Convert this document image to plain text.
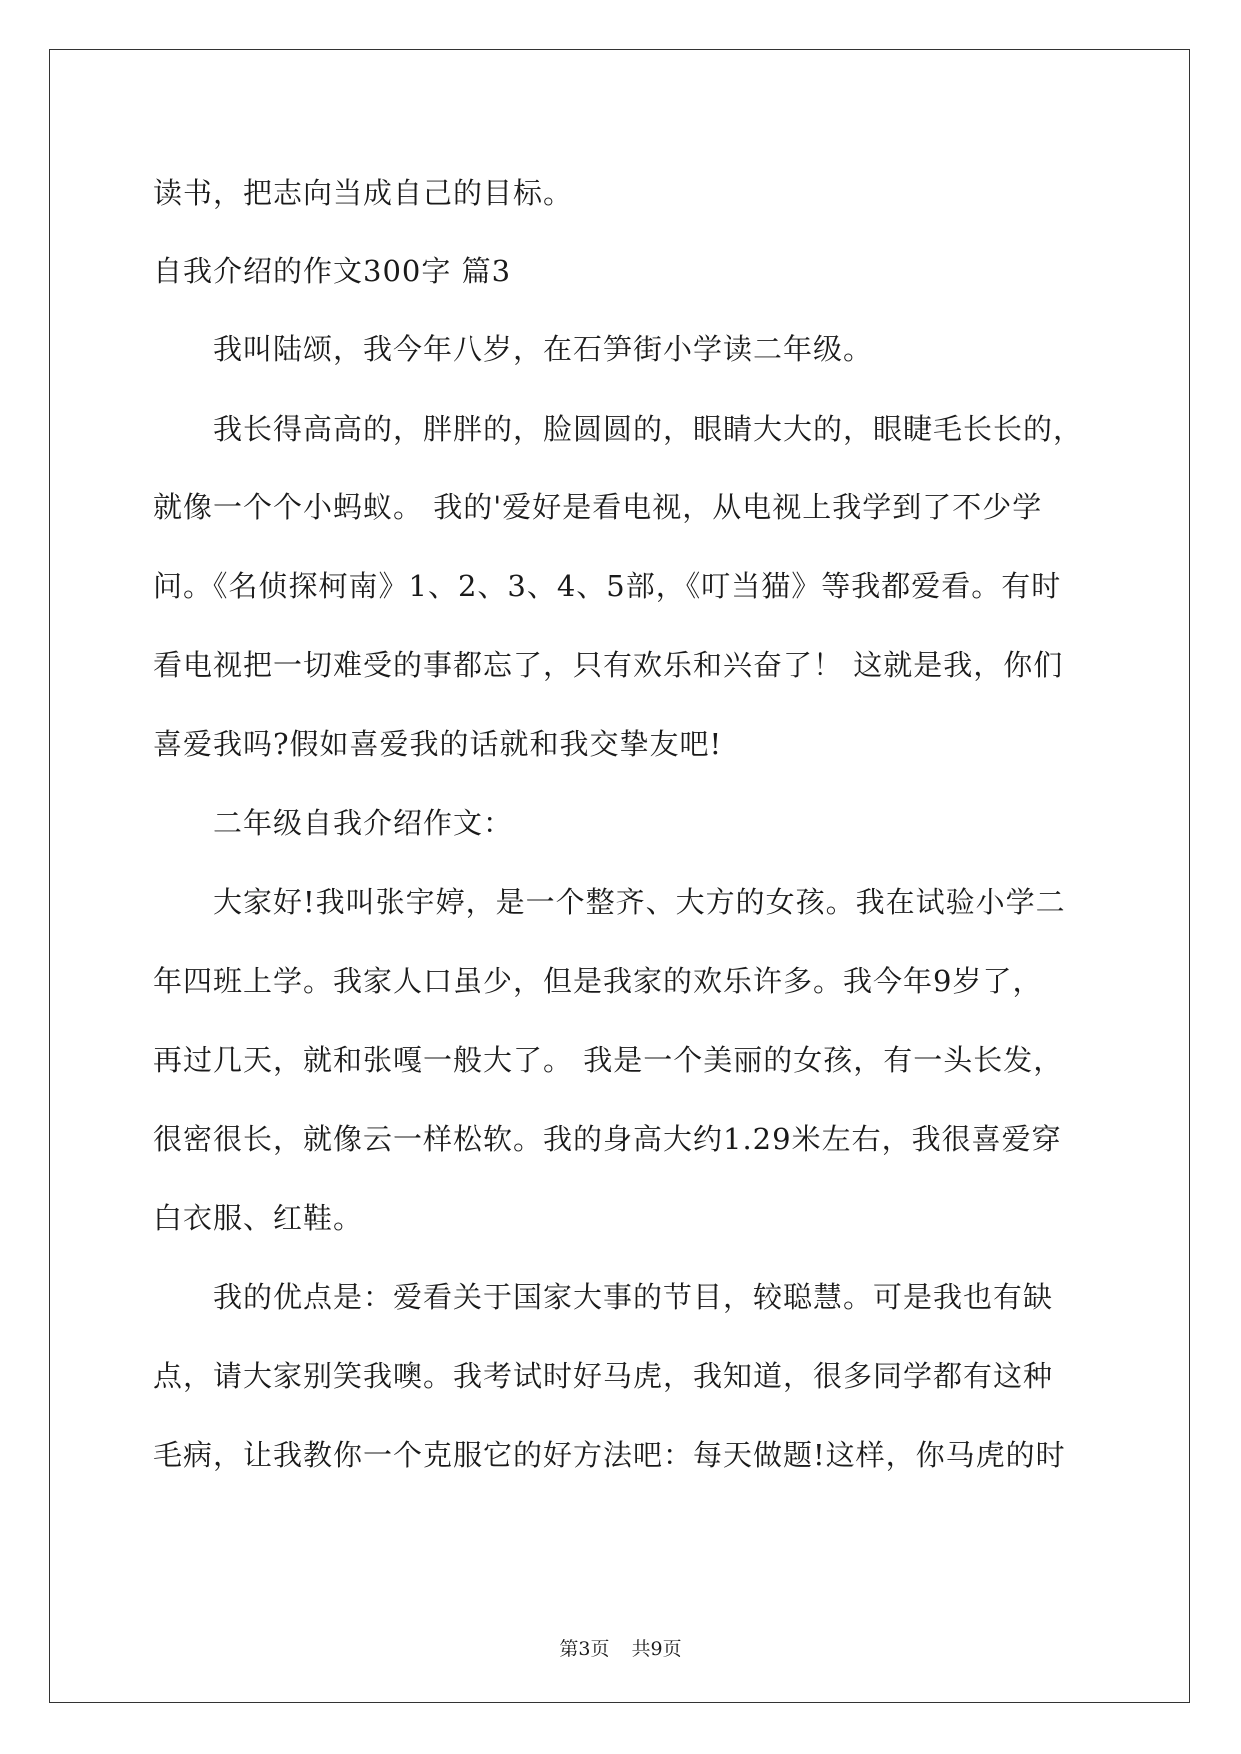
读书，把志向当成自己的目标。
自我介绍的作文300字 篇3
我叫陆颂，我今年八岁，在石笋街小学读二年级。
我长得高高的，胖胖的，脸圆圆的，眼睛大大的，眼睫毛长长的，
就像一个个小蚂蚁。 我的'爱好是看电视，从电视上我学到了不少学
问。《名侦探柯南》1、2、3、4、5部，《叮当猫》等我都爱看。有时
看电视把一切难受的事都忘了，只有欢乐和兴奋了！ 这就是我，你们
喜爱我吗?假如喜爱我的话就和我交挚友吧!
二年级自我介绍作文：
大家好!我叫张宇婷，是一个整齐、大方的女孩。我在试验小学二
年四班上学。我家人口虽少，但是我家的欢乐许多。我今年9岁了，
再过几天，就和张嘎一般大了。 我是一个美丽的女孩，有一头长发，
很密很长，就像云一样松软。我的身高大约1.29米左右，我很喜爱穿
白衣服、红鞋。
我的优点是：爱看关于国家大事的节目，较聪慧。可是我也有缺
点，请大家别笑我噢。我考试时好马虎，我知道，很多同学都有这种
毛病，让我教你一个克服它的好方法吧：每天做题!这样，你马虎的时
第3页 共9页
